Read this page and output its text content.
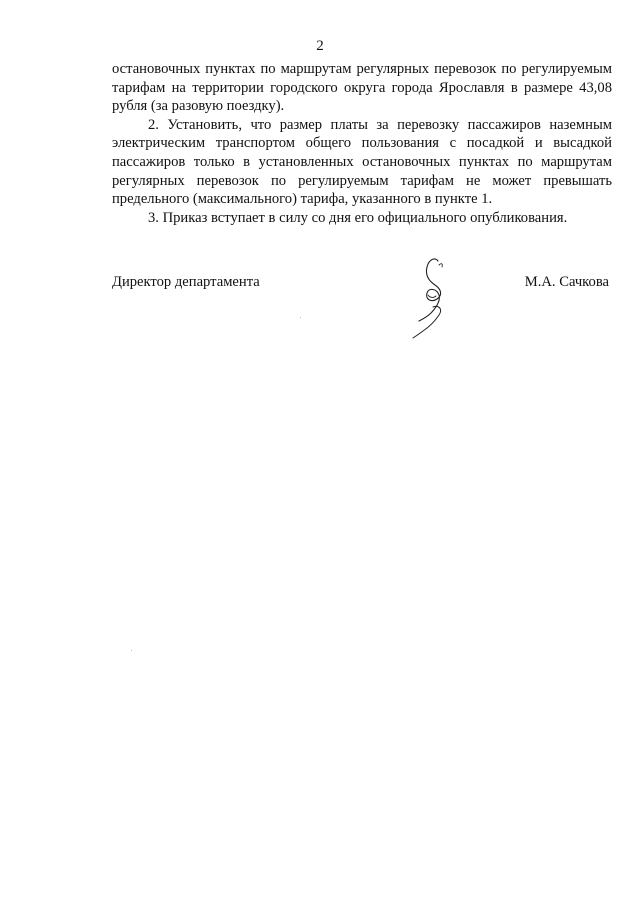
2

остановочных пунктах по маршрутам регулярных перевозок по регулируемым тарифам на территории городского округа города Ярославля в размере 43,08 рубля (за разовую поездку).

2. Установить, что размер платы за перевозку пассажиров наземным электрическим транспортом общего пользования с посадкой и высадкой пассажиров только в установленных остановочных пунктах по маршрутам регулярных перевозок по регулируемым тарифам не может превышать предельного (максимального) тарифа, указанного в пункте 1.

3. Приказ вступает в силу со дня его официального опубликования.

Директор департамента	М.А. Сачкова
